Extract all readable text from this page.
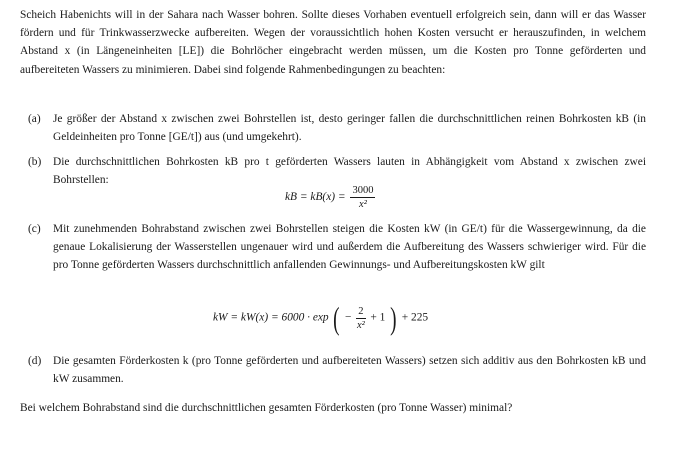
Scheich Habenichts will in der Sahara nach Wasser bohren. Sollte dieses Vorhaben eventuell erfolgreich sein, dann will er das Wasser fördern und für Trinkwasserzwecke aufbereiten. Wegen der voraussichtlich hohen Kosten versucht er herauszufinden, in welchem Abstand x (in Längeneinheiten [LE]) die Bohrlöcher eingebracht werden müssen, um die Kosten pro Tonne geförderten und aufbereiteten Wassers zu minimieren. Dabei sind folgende Rahmenbedingungen zu beachten:
(a) Je größer der Abstand x zwischen zwei Bohrstellen ist, desto geringer fallen die durchschnittlichen reinen Bohrkosten kB (in Geldeinheiten pro Tonne [GE/t]) aus (und umgekehrt).
(b) Die durchschnittlichen Bohrkosten kB pro t geförderten Wassers lauten in Abhängigkeit vom Abstand x zwischen zwei Bohrstellen:
kB = $kB(x) = \frac{3000}{\text{x²}}$
(c) Mit zunehmenden Bohrabstand zwischen zwei Bohrstellen steigen die Kosten kW (in GE/t) für die Wassergewinnung, da die genaue Lokalisierung der Wasserstellen ungenauer wird und außerdem die Aufbereitung des Wassers schwieriger wird. Für die pro Tonne geförderten Wassers durchschnittlich anfallenden Gewinnungs- und Aufbereitungskosten kW gilt
kW = kW(x) = 6000 · exp ( − $\frac{2}{\text{x²}} + 1$ ) + 225
(d) Die gesamten Förderkosten k (pro Tonne geförderten und aufbereiteten Wassers) setzen sich additiv aus den Bohrkosten kB und kW zusammen.
Bei welchem Bohrabstand sind die durchschnittlichen gesamten Förderkosten (pro Tonne Wasser) minimal?
